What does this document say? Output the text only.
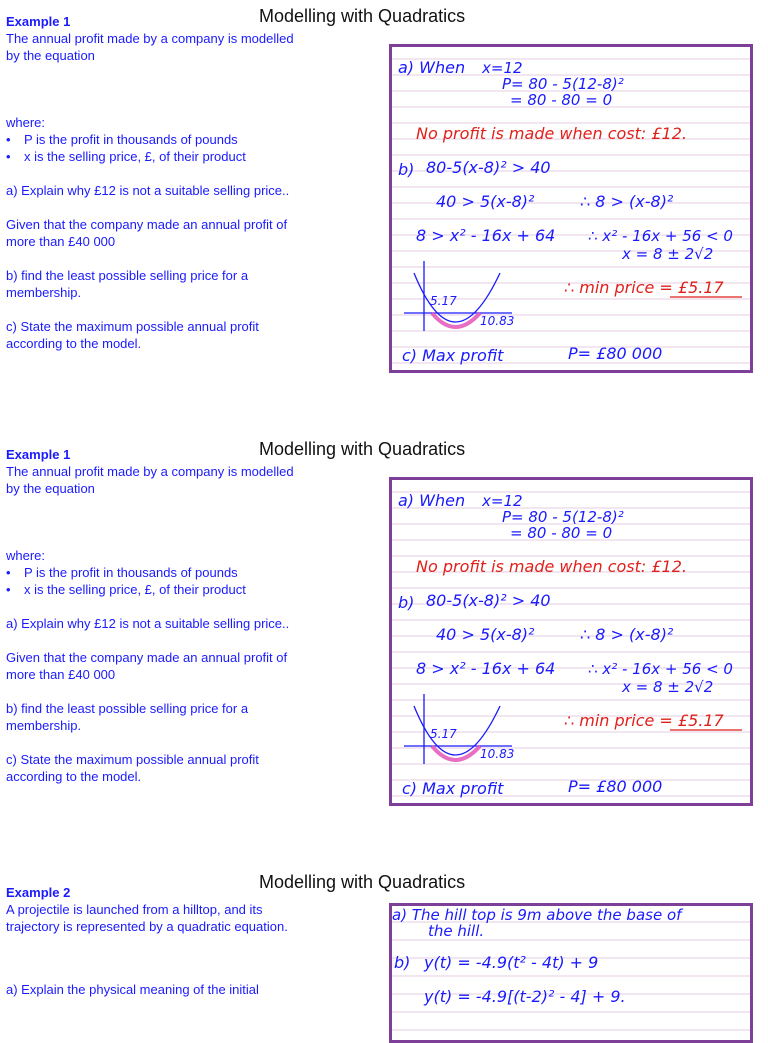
Modelling with Quadratics
Example 1

The annual profit made by a company is modelled by the equation

where:

• P is the profit in thousands of pounds
• x is the selling price, £, of their product

a) Explain why £12 is not a suitable selling price..

Given that the company made an annual profit of more than £40 000

b) find the least possible selling price for a membership.

c) State the maximum possible annual profit according to the model.

a) When x=12
P= 80 - 5(12-8)²
= 80 - 80 = 0
No profit is made when cost: £12.
b) 80-5(x-8)² > 40
40 > 5(x-8)²	∴ 8 > (x-8)²
8 > x² - 16x + 64 ∴ x² - 16x + 56 < 0
x = 8 ± 2√2
5.17
10.83
∴ min price = £5.17
c) Max profit	P= £80 000
Modelling with Quadratics
Example 1

The annual profit made by a company is modelled by the equation

where:

• P is the profit in thousands of pounds
• x is the selling price, £, of their product

a) Explain why £12 is not a suitable selling price..

Given that the company made an annual profit of more than £40 000

b) find the least possible selling price for a membership.

c) State the maximum possible annual profit according to the model.

a) When x=12
P= 80 - 5(12-8)²
= 80 - 80 = 0
No profit is made when cost: £12.
b) 80-5(x-8)² > 40
40 > 5(x-8)²	∴ 8 > (x-8)²
8 > x² - 16x + 64 ∴ x² - 16x + 56 < 0
x = 8 ± 2√2
5.17
10.83
∴ min price = £5.17
c) Max profit	P= £80 000
Modelling with Quadratics
Example 2

A projectile is launched from a hilltop, and its trajectory is represented by a quadratic equation.

a) Explain the physical meaning of the initial

a) The hill top is 9m above the base of
the hill.
b) y(t) = -4.9(t² - 4t) + 9
y(t) = -4.9[(t-2)² - 4] + 9.
